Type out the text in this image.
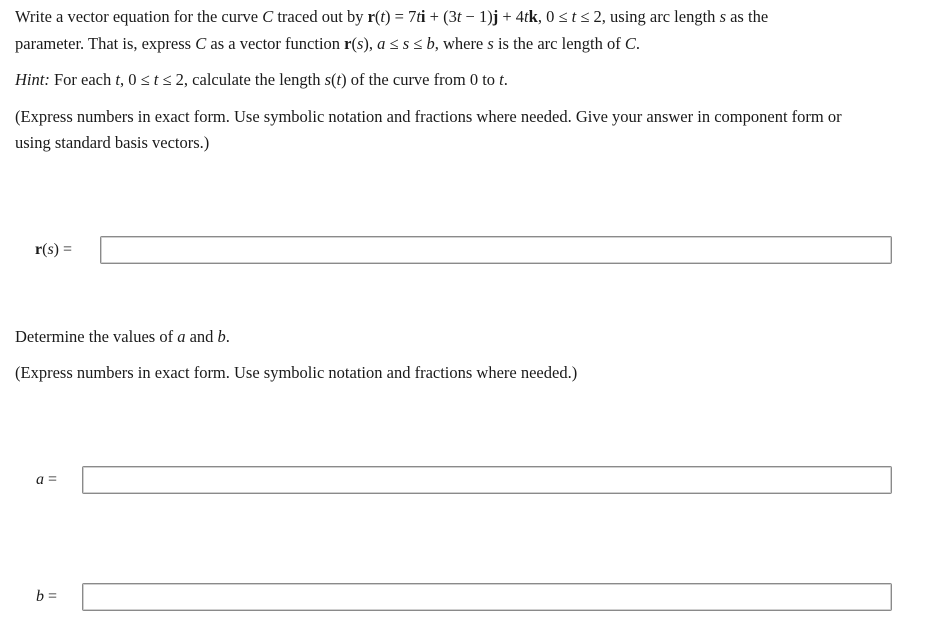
Write a vector equation for the curve C traced out by r(t) = 7ti + (3t − 1)j + 4tk, 0 ≤ t ≤ 2, using arc length s as the

parameter. That is, express C as a vector function r(s), a ≤ s ≤ b, where s is the arc length of C.

Hint: For each t, 0 ≤ t ≤ 2, calculate the length s(t) of the curve from 0 to t.

(Express numbers in exact form. Use symbolic notation and fractions where needed. Give your answer in component form or

using standard basis vectors.)

r(s) =

Determine the values of a and b.

(Express numbers in exact form. Use symbolic notation and fractions where needed.)

a =
b =
